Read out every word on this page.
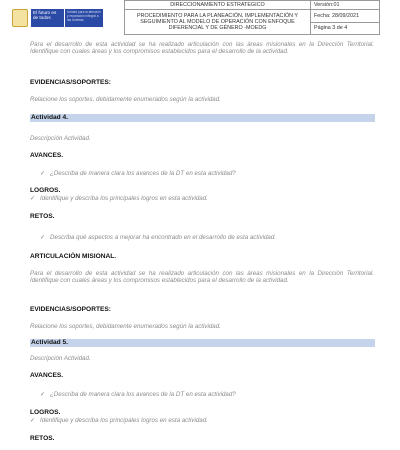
El futuro es de todos
Unidad para la atención y reparación integral a las víctimas
DIRECCIONAMIENTO ESTRATEGICO	Versión:01
PROCEDIMIENTO PARA LA PLANEACIÓN, IMPLEMENTACIÓN Y SEGUIMIENTO AL MODELO DE OPERACIÓN CON ENFOQUE DIFERENCIAL Y DE GÉNERO -MOEDG	Fecha: 28/09/2021
	Página 3 de 4

Para el desarrollo de esta actividad se ha realizado articulación con las áreas misionales en la Dirección Territorial. Identifique con cuales áreas y los compromisos establecidos para el desarrollo de la actividad.

EVIDENCIAS/SOPORTES:
Relacione los soportes, debidamente enumerados según la actividad.
Actividad 4.
Descripción Actividad.
AVANCES.
✓ ¿Describa de manera clara los avances de la DT en esta actividad?
LOGROS.
✓ Identifique y describa los principales logros en esta actividad.
RETOS.
✓ Describa qué aspectos a mejorar ha encontrado en el desarrollo de esta actividad.
ARTICULACIÓN MISIONAL.

Para el desarrollo de esta actividad se ha realizado articulación con las áreas misionales en la Dirección Territorial. Identifique con cuales áreas y los compromisos establecidos para el desarrollo de la actividad.

EVIDENCIAS/SOPORTES:
Relacione los soportes, debidamente enumerados según la actividad.
Actividad 5.
Descripción Actividad.
AVANCES.
✓ ¿Describa de manera clara los avances de la DT en esta actividad?
LOGROS.
✓ Identifique y describa los principales logros en esta actividad.
RETOS.
